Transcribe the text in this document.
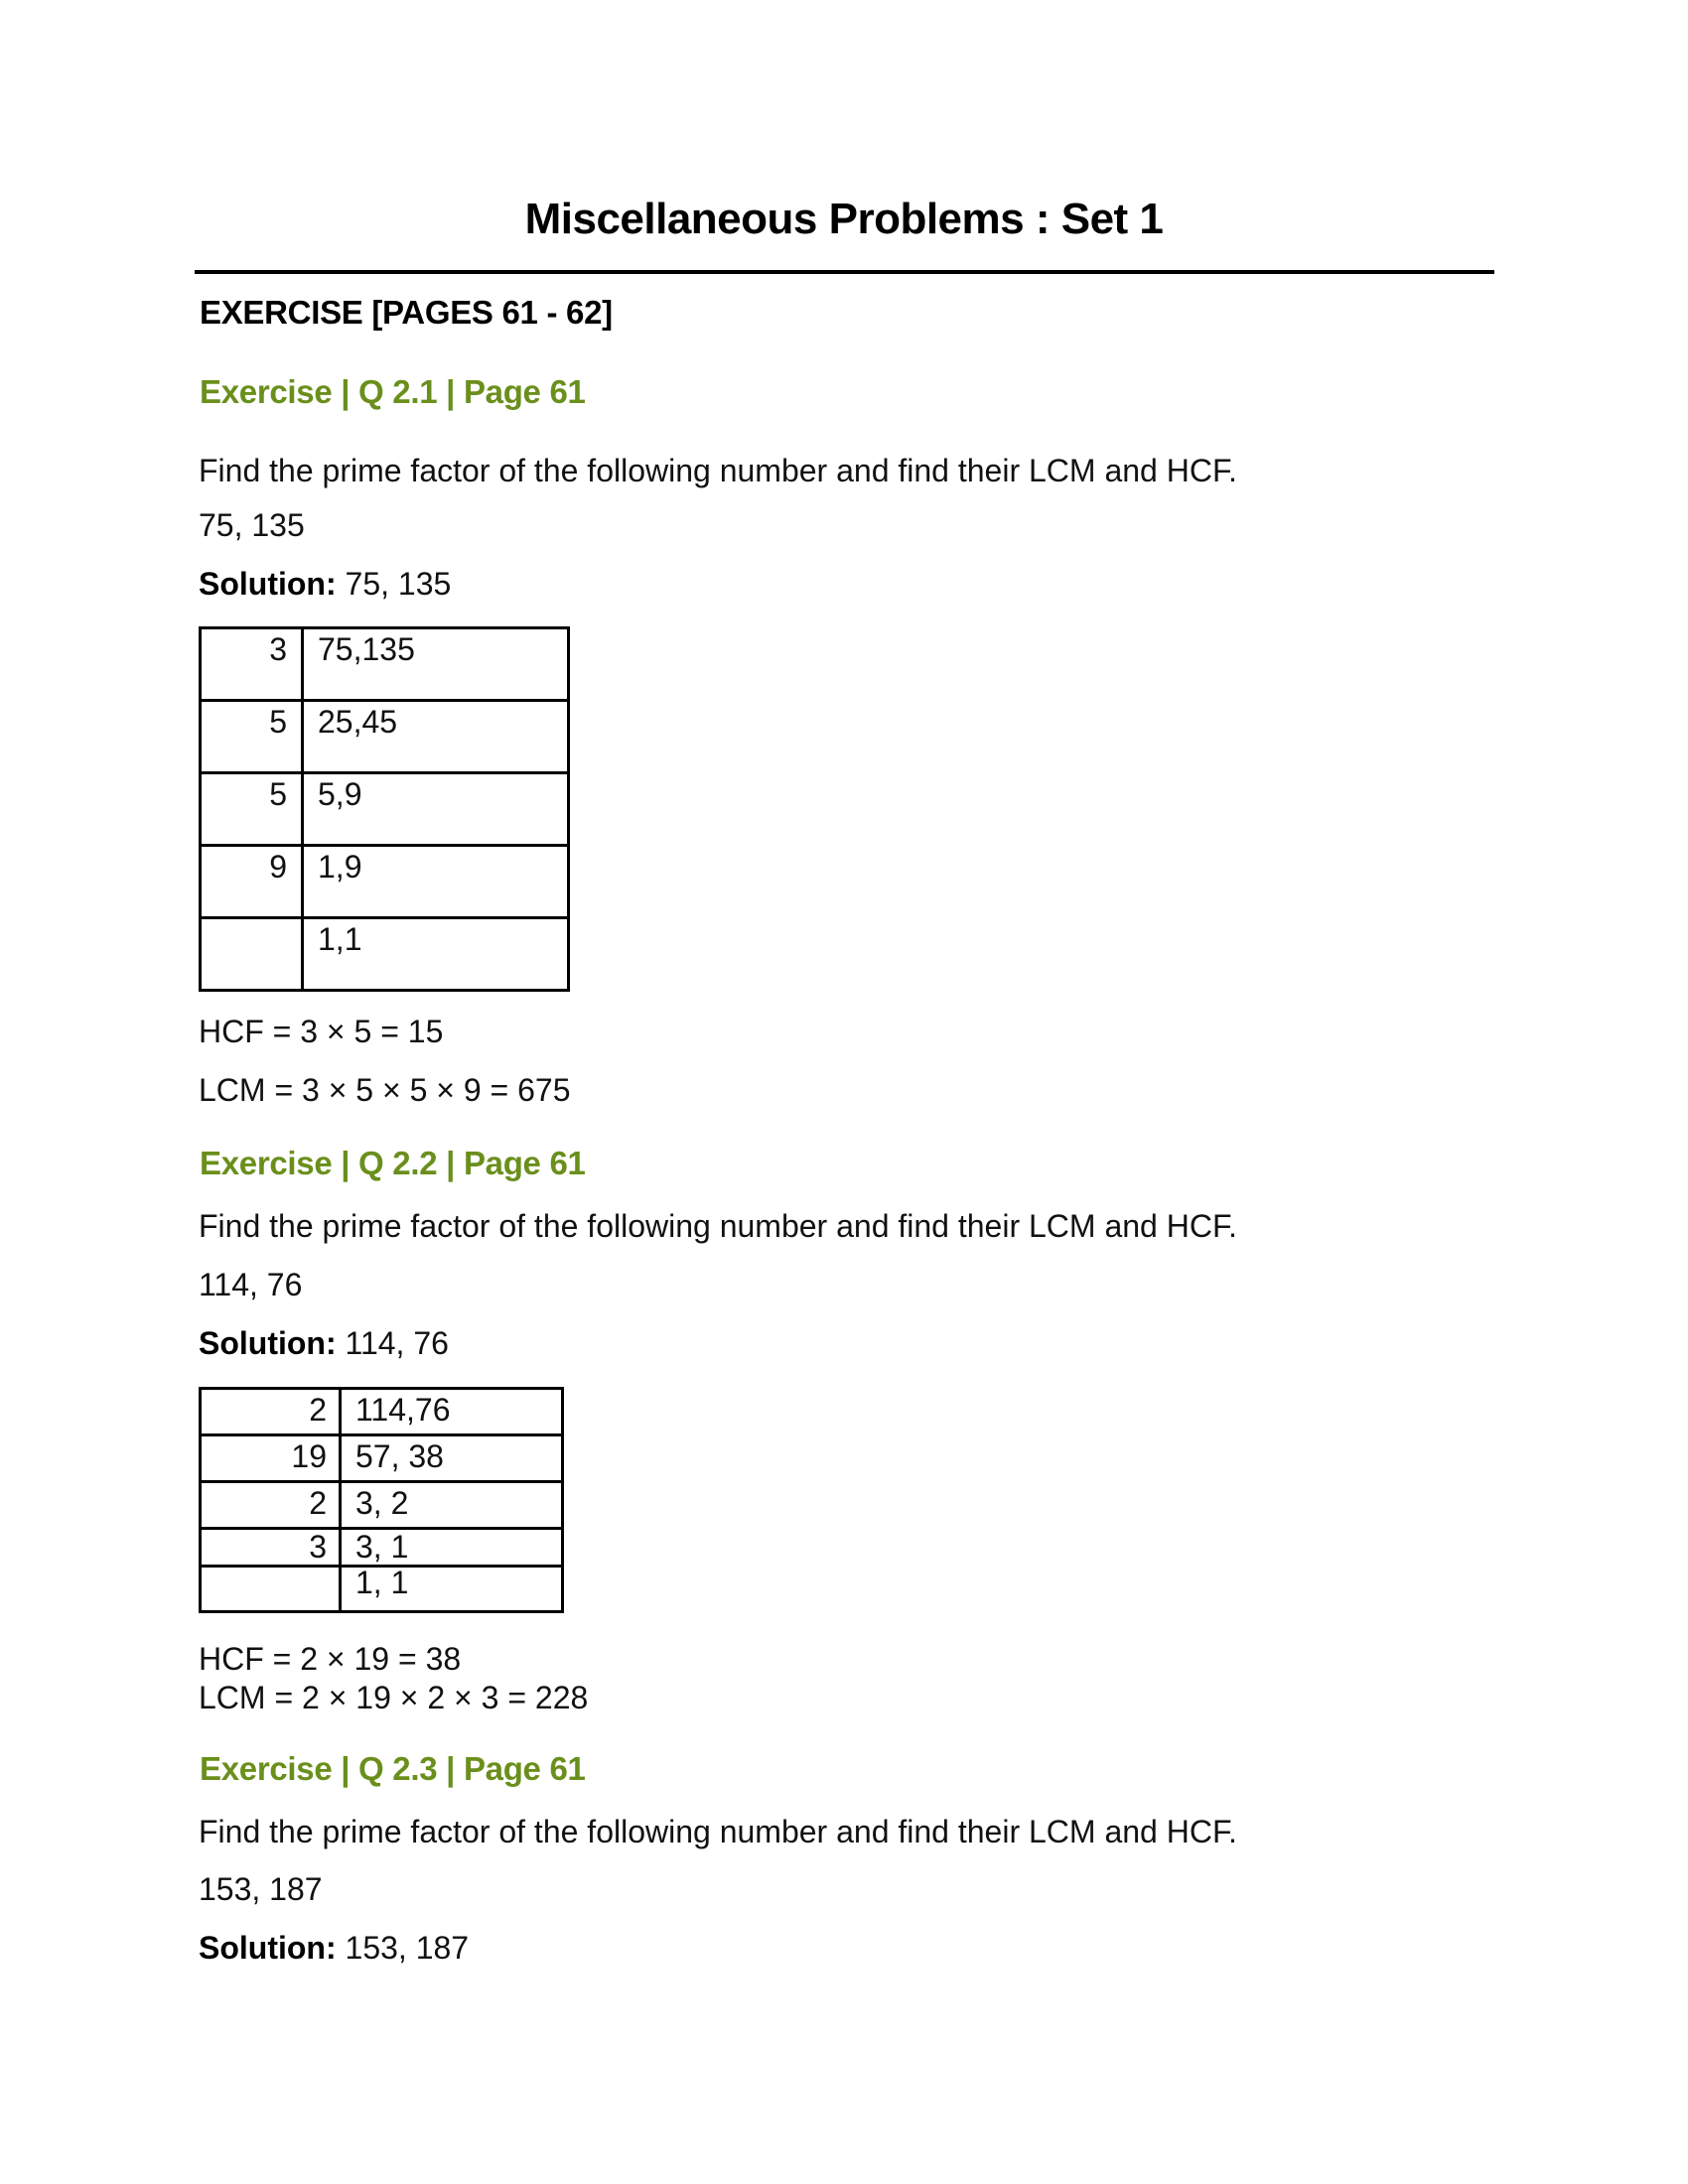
Miscellaneous Problems : Set 1
EXERCISE [PAGES 61 - 62]
Exercise | Q 2.1 | Page 61
Find the prime factor of the following number and find their LCM and HCF.
75, 135
Solution: 75, 135
3	75,135
5	25,45
5	5,9
9	1,9
	1,1
HCF = 3 × 5 = 15
LCM = 3 × 5 × 5 × 9 = 675
Exercise | Q 2.2 | Page 61
Find the prime factor of the following number and find their LCM and HCF.
114, 76
Solution: 114, 76
2	114,76
19	57, 38
2	3, 2
3	3, 1
	1, 1
HCF = 2 × 19 = 38
LCM = 2 × 19 × 2 × 3 = 228
Exercise | Q 2.3 | Page 61
Find the prime factor of the following number and find their LCM and HCF.
153, 187
Solution: 153, 187
